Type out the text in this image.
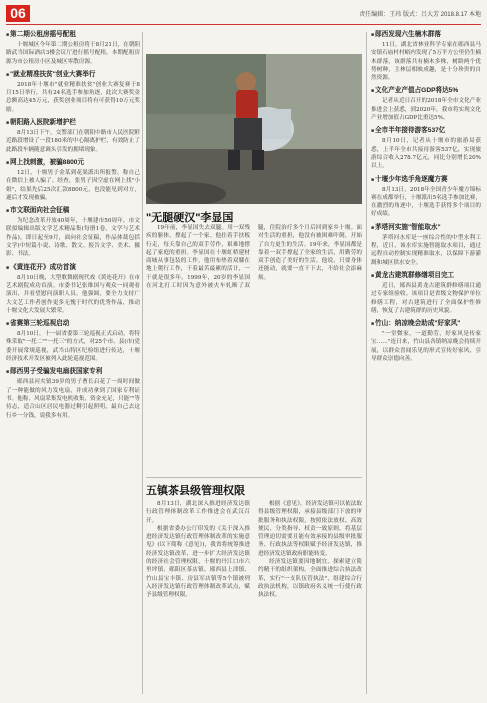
06	责任编辑：王玮 版式：吕大芳 2018.8.17 本地
■ 第二期公租房摇号配租
十堰城区今年第二期公租房将于8月21日，在朝阳路武当国际酒店3楼会议厅进行摇号配租，本期配租房源为市公租房小区及城区零散房源。
■ "就业精准扶贫"创业大赛举行
2018年十堰市"就业精准扶贫"创业大赛复赛于8月15日举行，共有24名选手参加角逐，此次大赛奖金总额高达45万元，获奖创业项目将有可获得10万元奖励。
■ 朝阳路入医院新增护栏
8月13日下午，交警部门在朝阳中路市人民医院附近路段增设了一段180米的中心隔离护栏，有效防止了此路段车辆随意调头引发的拥堵现象。
■ 网上找刺激，被骗8800元
12日，十堰男子金某到花果派出所报警，称自己在微信上被人骗了。经查，张男子因空虚在网上找"小姐"，结果先后25次汇款8800元，也没能见到对方，遂后才发现被骗。
■ 市文联面向社会征稿
为纪念改革开放40周年，十堰建市50周年，市文联拟编辑出版文学艺术精品集(每册1卷，文学与艺术作品)，即日起至9月，面向社会征稿，作品体裁包括文学(中短篇小说、诗歌、散文、报告文学、美术、摄影、书法。
■ 《黄连花开》成功首演
8月10日晚，大型歌舞剧现代戏《黄连花开》在市艺术剧院成功首演。市委书记张维国与观众一同观看演出，并看望慰问演职人员。他强调，要全力支持广大文艺工作者创作更多无愧于时代的优秀作品，推动十堰文化大发展大繁荣。
■ 省赛第三轮巡视启动
8月10日，十一届省委第三轮巡视正式启动，将特殊采取"一托二""一托三"的方式，对25个市、县(市)党委开展常规巡视，武当山特区纪检组进行传达，十堰经济技术开发区被列入此轮巡视范围。
■ 郧西男子受骗发电扇获国家专利
郧西县河夹镇39岁的男子曹长启花了一周时间做了一种能做的风力发电扇，并成功拿到了国家专利证书。他称，风扇采集发电机收集，资金充足，只能""等待志，适合山区居民电器过剩引起照明，最自己去这行乡一分钱，说我多有用。
"无腿硬汉"李显国
19年前，李显国失去双腿。用一双残疾的躯体，撑起了一个家。他拄着手扶板行走，每天靠自己的双手劳作，艰难地撑起了家庭的重担。李显国在十堰虹桥建材商城从事包装的工作，他用布垫着双膝在地上爬行工作，干着最苦最累的活计，一干就是很多年。1999年，20岁的李显国在河北打工时因为意外被火车轧断了双腿，住院治疗多个月后回到家乡十堰。面对生活的重担，他没有被困难吓倒，开始了自力更生的生活。19年来，李显国都是靠着一双手撑起了全家的生活，用勤劳的双手创造了美好的生活。他说，只要身体还能动，就要一直干下去，不给社会添麻烦。
五镇茶县级管理权限

8月13日，湖北深入推进经济发达镇行政管理体制改革工作推进会在武汉召开。

根据省委办公厅印发的《关于深入推进经济发达镇行政管理体制改革的实施意见》(以下简称《意见》)，我省将统筹推进经济发达镇改革，进一步扩大经济发达镇的经济社会管理权限，十堰的丹江口市六里坪镇、郧阳区茶店镇、郧西县上津镇、竹山县宝丰镇、房县军店镇等5个镇被列入经济发达镇行政管理体制改革试点，赋予县级管理权限。

根据《意见》，经济发达镇可以依法取得县级管理权限，承接县级部门下放的审批服务和执法权限，按照依法放权、高效便民、分类指导、权责一致原则，将基层管理迫切需要且能有效承接的县级审批服务、行政执法等权限赋予经济发达镇，推进经济发达镇政府职能转变。

经济发达镇要因地制宜，探索建立简约精干的组织架构。全面推进综合执法改革，实行"一支队伍管执法"，组建综合行政执法机构，以镇政府名义统一行使行政执法权。

■ 郧西发现六生楠木群落
11日，湖北省林业科学专家在郧西县马安镇石庙村村峪内发现了5万平方公里仍生楠木群落，该群落共有楠木多株，树龄两个优势树种，主林层相映成趣，是十分珍贵的自然资源。
■ 文化产业产值占GDP将达5%
记者从近日召开的2018年全市文化产业推进会上获悉，到2020年，我市将实现文化产业增加值占GDP比重达5%。
■ 全市半年接待游客537亿
8月10日，记者从十堰市的旅游局获悉，上半年全市共接待游客537亿，实现旅游综合收入278.7亿元，同比分别增长20%以上。
■ 十堰少年选手角逐魔方赛
8月13日，2018年全国青少年魔方锦标赛在成都举行，十堰派出5名选手参加比赛，在激烈的角逐中，十堰选手获得多个项目的好成绩。
■ 茅塔河实施"智能取水"
茅塔河水库是一座综合性的中型水利工程，近日，该水库实施智能取水项目，通过远程自动控制实现精准取水，以保障下游灌溉和城区供水安全。
■ 黄龙古建筑群修缮项目完工
近日，郧西县黄龙古建筑群修缮项目通过专家组验收。该项目是省级文物保护单位修缮工程，对古建筑进行了全面保护性修缮，恢复了古建筑群的历史风貌。
■ 竹山：纳凉晚会助成"好家风"
"一堂微家，一道勤劳，好家风是传家宝……"连日来，竹山县各镇纳凉晚会持续开展，以群众喜闻乐见的形式宣传好家风，引导群众崇德向善。
